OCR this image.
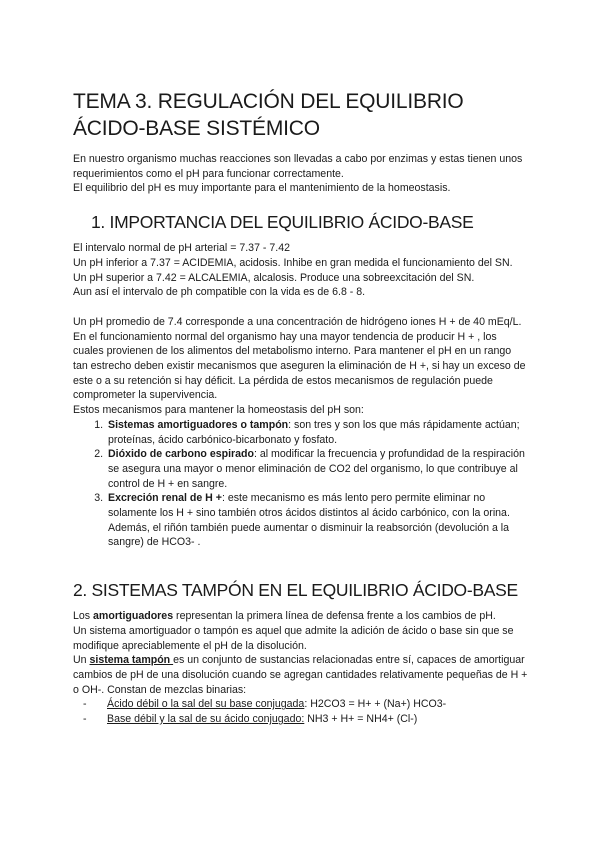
TEMA 3. REGULACIÓN DEL EQUILIBRIO ÁCIDO-BASE SISTÉMICO

En nuestro organismo muchas reacciones son llevadas a cabo por enzimas y estas tienen unos requerimientos como el pH para funcionar correctamente.

El equilibrio del pH es muy importante para el mantenimiento de la homeostasis.

1. IMPORTANCIA DEL EQUILIBRIO ÁCIDO-BASE

El intervalo normal de pH arterial = 7.37 - 7.42

Un pH inferior a 7.37 = ACIDEMIA, acidosis. Inhibe en gran medida el funcionamiento del SN.

Un pH superior a 7.42 = ALCALEMIA, alcalosis. Produce una sobreexcitación del SN.

Aun así el intervalo de ph compatible con la vida es de 6.8 - 8.

Un pH promedio de 7.4 corresponde a una concentración de hidrógeno iones H + de 40 mEq/L.

En el funcionamiento normal del organismo hay una mayor tendencia de producir H + , los cuales provienen de los alimentos del metabolismo interno. Para mantener el pH en un rango tan estrecho deben existir mecanismos que aseguren la eliminación de H +, si hay un exceso de este o a su retención si hay déficit. La pérdida de estos mecanismos de regulación puede comprometer la supervivencia.

Estos mecanismos para mantener la homeostasis del pH son:

1. Sistemas amortiguadores o tampón: son tres y son los que más rápidamente actúan; proteínas, ácido carbónico-bicarbonato y fosfato.
2. Dióxido de carbono espirado: al modificar la frecuencia y profundidad de la respiración se asegura una mayor o menor eliminación de CO2 del organismo, lo que contribuye al control de H + en sangre.
3. Excreción renal de H +: este mecanismo es más lento pero permite eliminar no solamente los H + sino también otros ácidos distintos al ácido carbónico, con la orina. Además, el riñón también puede aumentar o disminuir la reabsorción (devolución a la sangre) de HCO3- .
2. SISTEMAS TAMPÓN EN EL EQUILIBRIO ÁCIDO-BASE

Los amortiguadores representan la primera línea de defensa frente a los cambios de pH.

Un sistema amortiguador o tampón es aquel que admite la adición de ácido o base sin que se modifique apreciablemente el pH de la disolución.

Un sistema tampón es un conjunto de sustancias relacionadas entre sí, capaces de amortiguar cambios de pH de una disolución cuando se agregan cantidades relativamente pequeñas de H + o OH-. Constan de mezclas binarias:

- Ácido débil o la sal del su base conjugada: H2CO3 = H+ + (Na+) HCO3-
- Base débil y la sal de su ácido conjugado: NH3 + H+ = NH4+ (Cl-)
